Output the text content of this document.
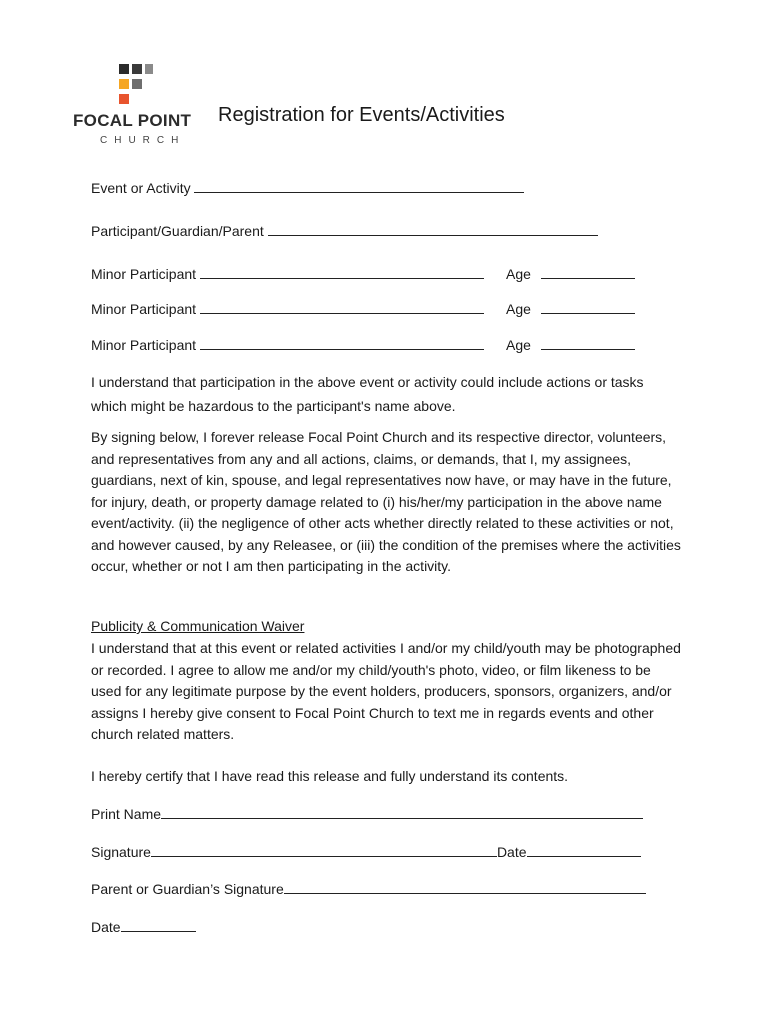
FOCAL POINT
CHURCH
Registration for Events/Activities
Event or Activity
Participant/Guardian/Parent
Minor Participant	Age
Minor Participant	Age
Minor Participant	Age
I understand that participation in the above event or activity could include actions or tasks which might be hazardous to the participant's name above.
By signing below, I forever release Focal Point Church and its respective director, volunteers, and representatives from any and all actions, claims, or demands, that I, my assignees, guardians, next of kin, spouse, and legal representatives now have, or may have in the future, for injury, death, or property damage related to (i) his/her/my participation in the above name event/activity. (ii) the negligence of other acts whether directly related to these activities or not, and however caused, by any Releasee, or (iii) the condition of the premises where the activities occur, whether or not I am then participating in the activity.
Publicity & Communication Waiver
I understand that at this event or related activities I and/or my child/youth may be photographed or recorded. I agree to allow me and/or my child/youth's photo, video, or film likeness to be used for any legitimate purpose by the event holders, producers, sponsors, organizers, and/or assigns I hereby give consent to Focal Point Church to text me in regards events and other church related matters.
I hereby certify that I have read this release and fully understand its contents.
Print Name
Signature	Date
Parent or Guardian’s Signature
Date
